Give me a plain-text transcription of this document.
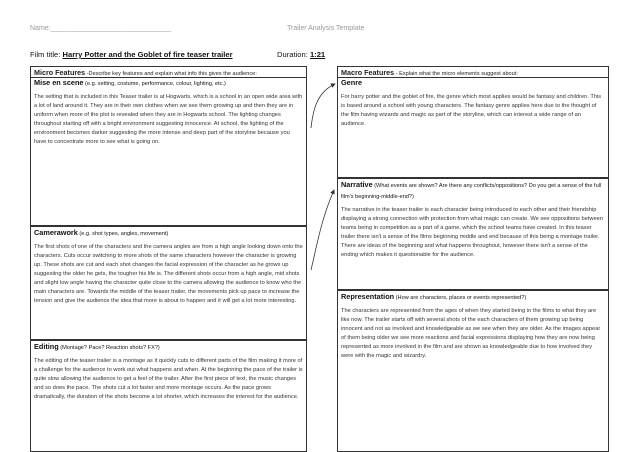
Name:_______________________________	Trailer Analysis Template
Film title: Harry Potter and the Goblet of fire teaser trailer	Duration: 1:21
Micro Features -Describe key features and explain what info this gives the audience:
Mise en scene (e.g. setting, costume, performance, colour, lighting, etc.)

The setting that is included in this Teaser trailer is at Hogwarts, which is a school in an open wide area with a lot of land around it. They are in their own clothes when we see them growing up and then they are in uniform when more of the plot is revealed when they are in Hogwarts school. The lighting changes throughout starting off with a bright environment suggesting innocence. At school, the lighting of the environment becomes darker suggesting the more intense and deep part of the storyline because you have to concentrate more to see what is going on.

Camerawork (e.g. shot types, angles, movement)

The first shots of one of the characters and the camera angles are from a high angle looking down onto the characters. Cuts occur switching to more shots of the same characters however the character is growing up. These shots are cut and each shot changes the facial expression of the character as he grows up suggesting the older he gets, the tougher his life is. The different shots occur from a high angle, mid shots and slight low angle having the character quite close to the camera allowing the audience to know who the main characters are. Towards the middle of the teaser trailer, the movements pick up pace to increase the tension and give the audience the idea that more is about to happen and it will get a lot more interesting.

Editing (Montage? Pace? Reaction shots? FX?)

The editing of the teaser trailer is a montage as it quickly cuts to different parts of the film making it more of a challenge for the audience to work out what happens and when. At the beginning the pace of the trailer is quite slow allowing the audience to get a feel of the trailer. After the first piece of text, the music changes and so does the pace. The shots cut a lot faster and more montage occurs. As the pace grows dramatically, the duration of the shots become a lot shorter, which increases the interest for the audience.

Macro Features - Explain what the micro elements suggest about:
Genre

For harry potter and the goblet of fire, the genre which most applies would be fantasy and children. This is based around a school with young characters. The fantasy genre applies here due to the thought of the film having wizards and magic as part of the storyline, which can interest a wide range of an audience.

Narrative (What events are shown? Are there any conflicts/oppositions? Do you get a sense of the full film's beginning-middle-end?)

The narrative in the teaser trailer is each character being introduced to each other and their friendship displaying a strong connection with protection from what magic can create. We see oppositions between teams being in competition as a part of a game, which the school teams have created. In this teaser trailer there isn't a sense of the films beginning middle and end because of this being a montage trailer. There are ideas of the beginning and what happens throughout, however there isn't a sense of the ending which makes it questionable for the audience.

Representation (How are characters, places or events represented?)

The characters are represented from the ages of when they started being in the films to what they are like now. The trailer starts off with several shots of the each characters of them growing up being innocent and not as involved and knowledgeable as we see when they are older. As the images appear of them being older we see more reactions and facial expressions displaying how they are now being represented as more involved in the film and are shown as knowledgeable due to how involved they were with the magic and wizardry.
